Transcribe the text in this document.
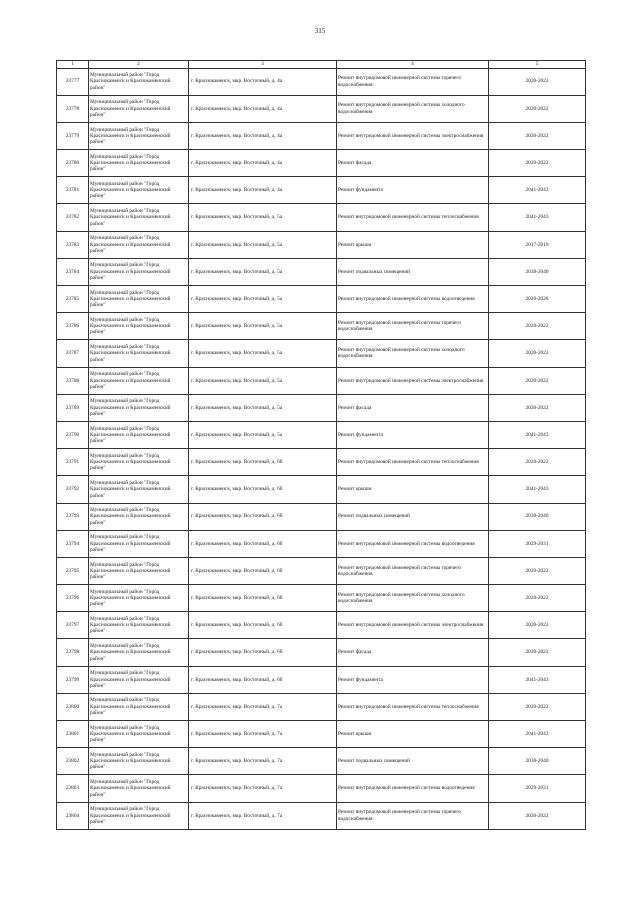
315
1	2	3	4	5
23777	Муниципальный район "Город Краснокаменск и Краснокаменский район"	г. Краснокаменск, мкр. Восточный, д. 4а	Ремонт внутридомовой инженерной системы горячего водоснабжения	2020-2022
23778	Муниципальный район "Город Краснокаменск и Краснокаменский район"	г. Краснокаменск, мкр. Восточный, д. 4а	Ремонт внутридомовой инженерной системы холодного водоснабжения	2020-2022
23779	Муниципальный район "Город Краснокаменск и Краснокаменский район"	г. Краснокаменск, мкр. Восточный, д. 4а	Ремонт внутридомовой инженерной системы электроснабжения	2020-2022
23780	Муниципальный район "Город Краснокаменск и Краснокаменский район"	г. Краснокаменск, мкр. Восточный, д. 4а	Ремонт фасада	2020-2022
23781	Муниципальный район "Город Краснокаменск и Краснокаменский район"	г. Краснокаменск, мкр. Восточный, д. 4а	Ремонт фундамента	2041-2043
23782	Муниципальный район "Город Краснокаменск и Краснокаменский район"	г. Краснокаменск, мкр. Восточный, д. 5а	Ремонт внутридомовой инженерной системы теплоснабжения	2041-2043
23783	Муниципальный район "Город Краснокаменск и Краснокаменский район"	г. Краснокаменск, мкр. Восточный, д. 5а	Ремонт крыши	2017-2019
23784	Муниципальный район "Город Краснокаменск и Краснокаменский район"	г. Краснокаменск, мкр. Восточный, д. 5а	Ремонт подвальных помещений	2038-2040
23785	Муниципальный район "Город Краснокаменск и Краснокаменский район"	г. Краснокаменск, мкр. Восточный, д. 5а	Ремонт внутридомовой инженерной системы водоотведения	2026-2028
23786	Муниципальный район "Город Краснокаменск и Краснокаменский район"	г. Краснокаменск, мкр. Восточный, д. 5а	Ремонт внутридомовой инженерной системы горячего водоснабжения	2020-2022
23787	Муниципальный район "Город Краснокаменск и Краснокаменский район"	г. Краснокаменск, мкр. Восточный, д. 5а	Ремонт внутридомовой инженерной системы холодного водоснабжения	2020-2022
23788	Муниципальный район "Город Краснокаменск и Краснокаменский район"	г. Краснокаменск, мкр. Восточный, д. 5а	Ремонт внутридомовой инженерной системы электроснабжения	2020-2022
23789	Муниципальный район "Город Краснокаменск и Краснокаменский район"	г. Краснокаменск, мкр. Восточный, д. 5а	Ремонт фасада	2020-2022
23790	Муниципальный район "Город Краснокаменск и Краснокаменский район"	г. Краснокаменск, мкр. Восточный, д. 5а	Ремонт фундамента	2041-2043
23791	Муниципальный район "Город Краснокаменск и Краснокаменский район"	г. Краснокаменск, мкр. Восточный, д. 6б	Ремонт внутридомовой инженерной системы теплоснабжения	2020-2022
23792	Муниципальный район "Город Краснокаменск и Краснокаменский район"	г. Краснокаменск, мкр. Восточный, д. 6б	Ремонт крыши	2041-2043
23793	Муниципальный район "Город Краснокаменск и Краснокаменский район"	г. Краснокаменск, мкр. Восточный, д. 6б	Ремонт подвальных помещений	2038-2040
23794	Муниципальный район "Город Краснокаменск и Краснокаменский район"	г. Краснокаменск, мкр. Восточный, д. 6б	Ремонт внутридомовой инженерной системы водоотведения	2029-2031
23795	Муниципальный район "Город Краснокаменск и Краснокаменский район"	г. Краснокаменск, мкр. Восточный, д. 6б	Ремонт внутридомовой инженерной системы горячего водоснабжения	2020-2022
23796	Муниципальный район "Город Краснокаменск и Краснокаменский район"	г. Краснокаменск, мкр. Восточный, д. 6б	Ремонт внутридомовой инженерной системы холодного водоснабжения	2020-2022
23797	Муниципальный район "Город Краснокаменск и Краснокаменский район"	г. Краснокаменск, мкр. Восточный, д. 6б	Ремонт внутридомовой инженерной системы электроснабжения	2020-2022
23798	Муниципальный район "Город Краснокаменск и Краснокаменский район"	г. Краснокаменск, мкр. Восточный, д. 6б	Ремонт фасада	2020-2022
23799	Муниципальный район "Город Краснокаменск и Краснокаменский район"	г. Краснокаменск, мкр. Восточный, д. 6б	Ремонт фундамента	2041-2043
23800	Муниципальный район "Город Краснокаменск и Краснокаменский район"	г. Краснокаменск, мкр. Восточный, д. 7а	Ремонт внутридомовой инженерной системы теплоснабжения	2020-2022
23801	Муниципальный район "Город Краснокаменск и Краснокаменский район"	г. Краснокаменск, мкр. Восточный, д. 7а	Ремонт крыши	2041-2043
23802	Муниципальный район "Город Краснокаменск и Краснокаменский район"	г. Краснокаменск, мкр. Восточный, д. 7а	Ремонт подвальных помещений	2038-2040
23803	Муниципальный район "Город Краснокаменск и Краснокаменский район"	г. Краснокаменск, мкр. Восточный, д. 7а	Ремонт внутридомовой инженерной системы водоотведения	2029-2031
23804	Муниципальный район "Город Краснокаменск и Краснокаменский район"	г. Краснокаменск, мкр. Восточный, д. 7а	Ремонт внутридомовой инженерной системы горячего водоснабжения	2020-2022
